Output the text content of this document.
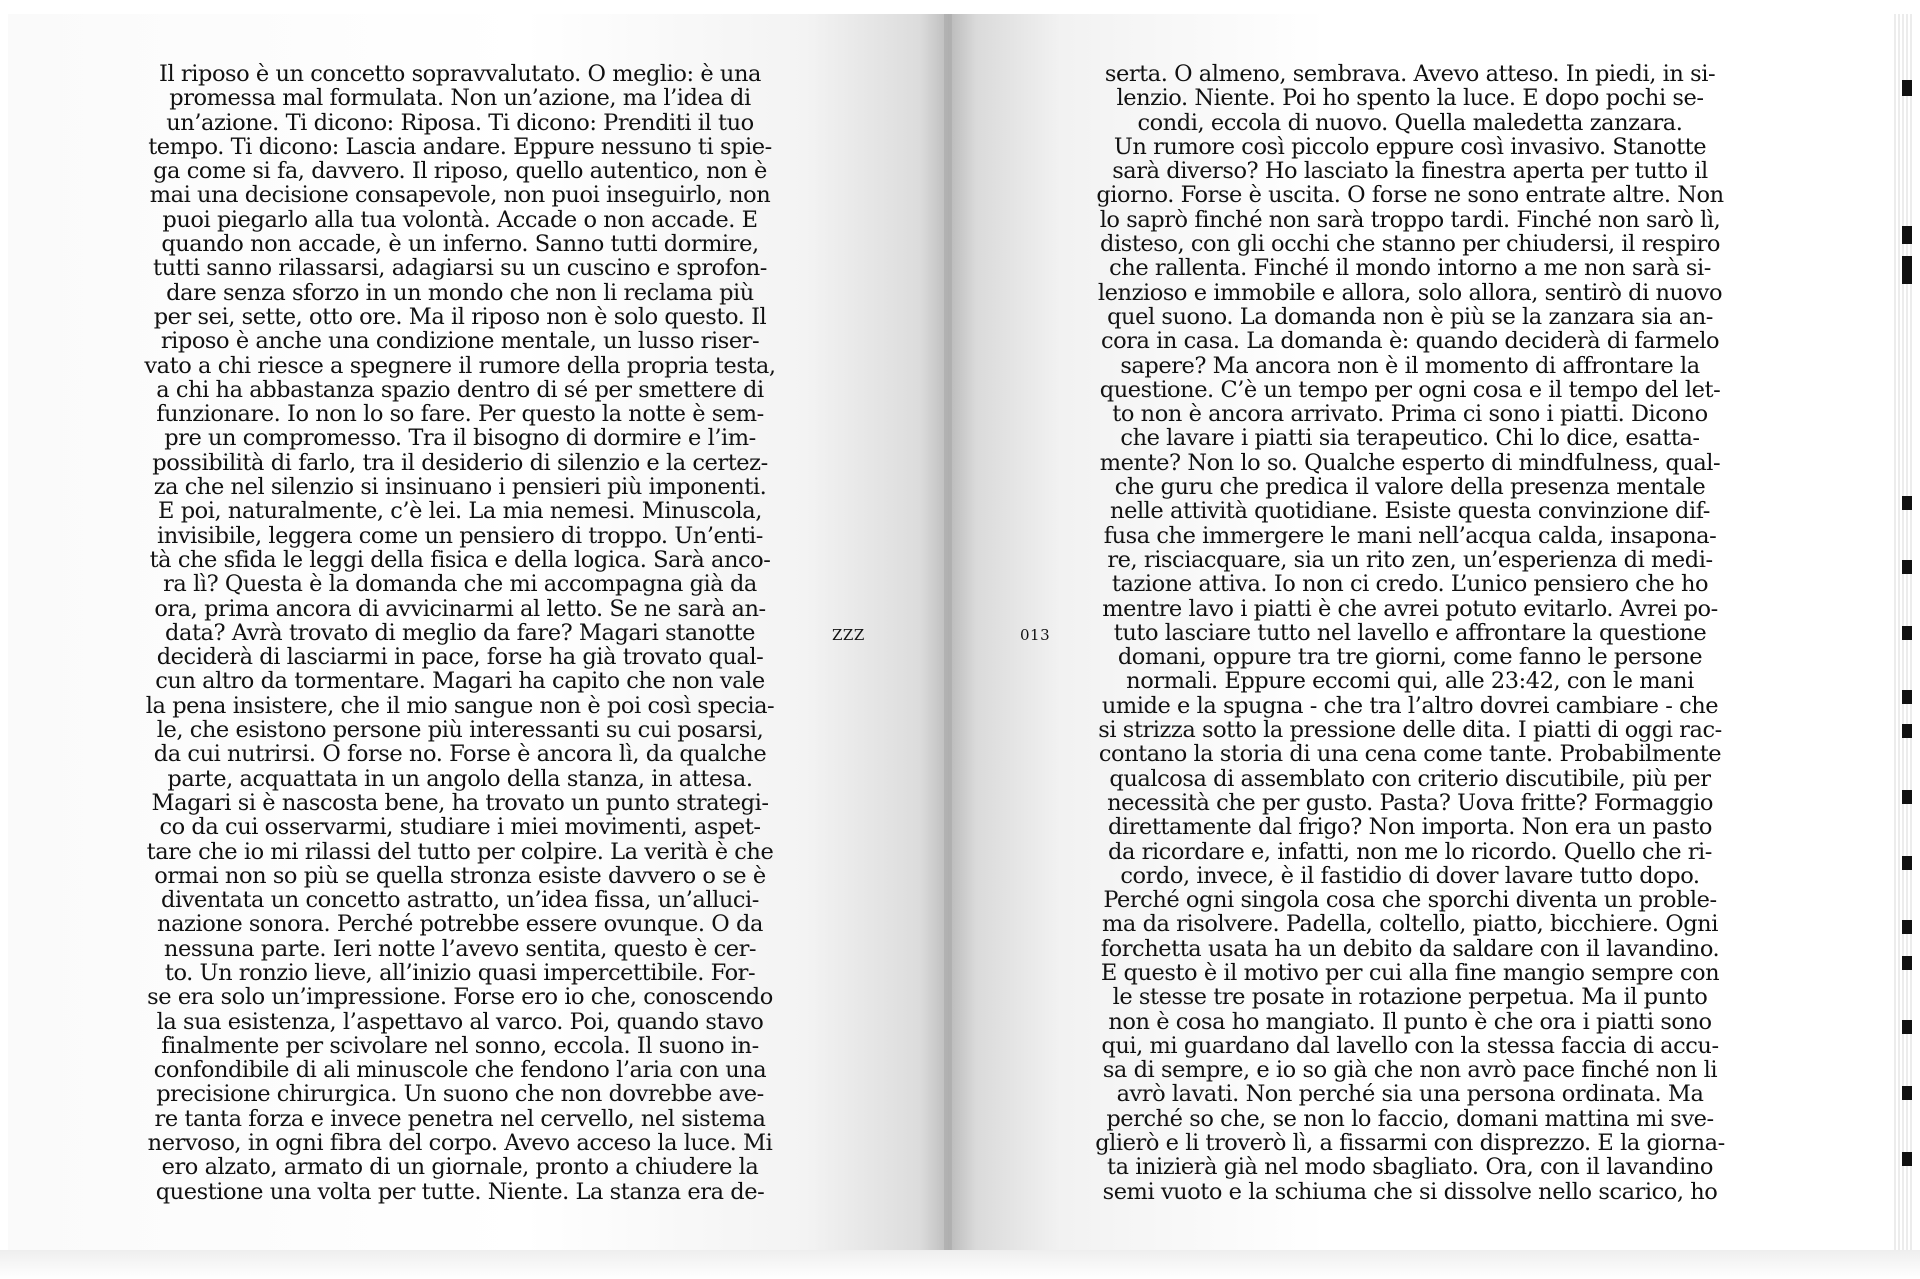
Il riposo è un concetto sopravvalutato. O meglio: è una
promessa mal formulata. Non un’azione, ma l’idea di
un’azione. Ti dicono: Riposa. Ti dicono: Prenditi il tuo
tempo. Ti dicono: Lascia andare. Eppure nessuno ti spie-
ga come si fa, davvero. Il riposo, quello autentico, non è
mai una decisione consapevole, non puoi inseguirlo, non
puoi piegarlo alla tua volontà. Accade o non accade. E
quando non accade, è un inferno. Sanno tutti dormire,
tutti sanno rilassarsi, adagiarsi su un cuscino e sprofon-
dare senza sforzo in un mondo che non li reclama più
per sei, sette, otto ore. Ma il riposo non è solo questo. Il
riposo è anche una condizione mentale, un lusso riser-
vato a chi riesce a spegnere il rumore della propria testa,
a chi ha abbastanza spazio dentro di sé per smettere di
funzionare. Io non lo so fare. Per questo la notte è sem-
pre un compromesso. Tra il bisogno di dormire e l’im-
possibilità di farlo, tra il desiderio di silenzio e la certez-
za che nel silenzio si insinuano i pensieri più imponenti.
E poi, naturalmente, c’è lei. La mia nemesi. Minuscola,
invisibile, leggera come un pensiero di troppo. Un’enti-
tà che sfida le leggi della fisica e della logica. Sarà anco-
ra lì? Questa è la domanda che mi accompagna già da
ora, prima ancora di avvicinarmi al letto. Se ne sarà an-
data? Avrà trovato di meglio da fare? Magari stanotte
deciderà di lasciarmi in pace, forse ha già trovato qual-
cun altro da tormentare. Magari ha capito che non vale
la pena insistere, che il mio sangue non è poi così specia-
le, che esistono persone più interessanti su cui posarsi,
da cui nutrirsi. O forse no. Forse è ancora lì, da qualche
parte, acquattata in un angolo della stanza, in attesa.
Magari si è nascosta bene, ha trovato un punto strategi-
co da cui osservarmi, studiare i miei movimenti, aspet-
tare che io mi rilassi del tutto per colpire. La verità è che
ormai non so più se quella stronza esiste davvero o se è
diventata un concetto astratto, un’idea fissa, un’alluci-
nazione sonora. Perché potrebbe essere ovunque. O da
nessuna parte. Ieri notte l’avevo sentita, questo è cer-
to. Un ronzio lieve, all’inizio quasi impercettibile. For-
se era solo un’impressione. Forse ero io che, conoscendo
la sua esistenza, l’aspettavo al varco. Poi, quando stavo
finalmente per scivolare nel sonno, eccola. Il suono in-
confondibile di ali minuscole che fendono l’aria con una
precisione chirurgica. Un suono che non dovrebbe ave-
re tanta forza e invece penetra nel cervello, nel sistema
nervoso, in ogni fibra del corpo. Avevo acceso la luce. Mi
ero alzato, armato di un giornale, pronto a chiudere la
questione una volta per tutte. Niente. La stanza era de-
serta. O almeno, sembrava. Avevo atteso. In piedi, in si-
lenzio. Niente. Poi ho spento la luce. E dopo pochi se-
condi, eccola di nuovo. Quella maledetta zanzara.
Un rumore così piccolo eppure così invasivo. Stanotte
sarà diverso? Ho lasciato la finestra aperta per tutto il
giorno. Forse è uscita. O forse ne sono entrate altre. Non
lo saprò finché non sarà troppo tardi. Finché non sarò lì,
disteso, con gli occhi che stanno per chiudersi, il respiro
che rallenta. Finché il mondo intorno a me non sarà si-
lenzioso e immobile e allora, solo allora, sentirò di nuovo
quel suono. La domanda non è più se la zanzara sia an-
cora in casa. La domanda è: quando deciderà di farmelo
sapere? Ma ancora non è il momento di affrontare la
questione. C’è un tempo per ogni cosa e il tempo del let-
to non è ancora arrivato. Prima ci sono i piatti. Dicono
che lavare i piatti sia terapeutico. Chi lo dice, esatta-
mente? Non lo so. Qualche esperto di mindfulness, qual-
che guru che predica il valore della presenza mentale
nelle attività quotidiane. Esiste questa convinzione dif-
fusa che immergere le mani nell’acqua calda, insapona-
re, risciacquare, sia un rito zen, un’esperienza di medi-
tazione attiva. Io non ci credo. L’unico pensiero che ho
mentre lavo i piatti è che avrei potuto evitarlo. Avrei po-
tuto lasciare tutto nel lavello e affrontare la questione
domani, oppure tra tre giorni, come fanno le persone
normali. Eppure eccomi qui, alle 23:42, con le mani
umide e la spugna - che tra l’altro dovrei cambiare - che
si strizza sotto la pressione delle dita. I piatti di oggi rac-
contano la storia di una cena come tante. Probabilmente
qualcosa di assemblato con criterio discutibile, più per
necessità che per gusto. Pasta? Uova fritte? Formaggio
direttamente dal frigo? Non importa. Non era un pasto
da ricordare e, infatti, non me lo ricordo. Quello che ri-
cordo, invece, è il fastidio di dover lavare tutto dopo.
Perché ogni singola cosa che sporchi diventa un proble-
ma da risolvere. Padella, coltello, piatto, bicchiere. Ogni
forchetta usata ha un debito da saldare con il lavandino.
E questo è il motivo per cui alla fine mangio sempre con
le stesse tre posate in rotazione perpetua. Ma il punto
non è cosa ho mangiato. Il punto è che ora i piatti sono
qui, mi guardano dal lavello con la stessa faccia di accu-
sa di sempre, e io so già che non avrò pace finché non li
avrò lavati. Non perché sia una persona ordinata. Ma
perché so che, se non lo faccio, domani mattina mi sve-
glierò e li troverò lì, a fissarmi con disprezzo. E la giorna-
ta inizierà già nel modo sbagliato. Ora, con il lavandino
semi vuoto e la schiuma che si dissolve nello scarico, ho
ZZZ	013
